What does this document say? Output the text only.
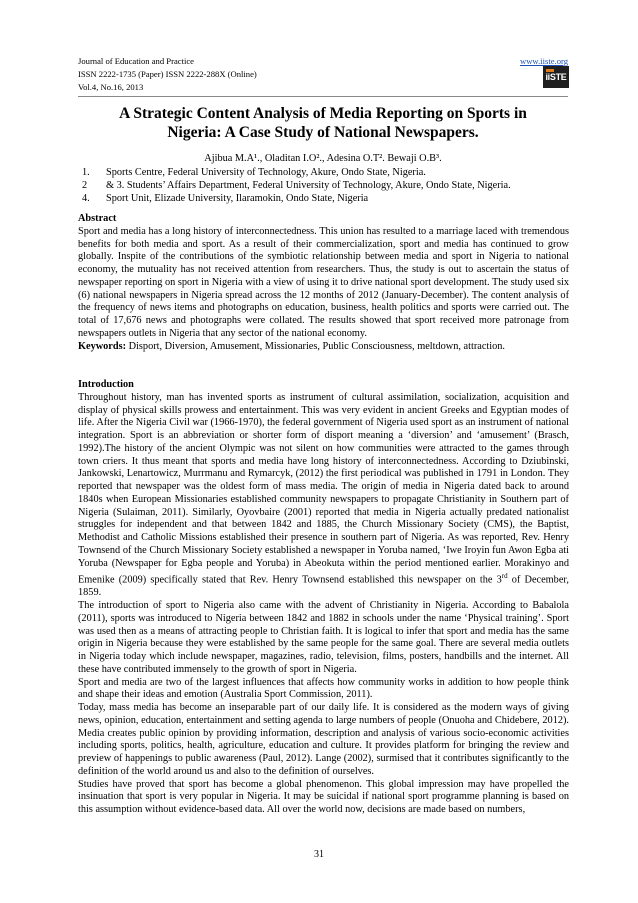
Journal of Education and Practice
ISSN 2222-1735 (Paper) ISSN 2222-288X (Online)
Vol.4, No.16, 2013
www.iiste.org
iiSTE
A Strategic Content Analysis of Media Reporting on Sports in
Nigeria: A Case Study of National Newspapers.
Ajibua M.A¹., Oladitan I.O²., Adesina O.T². Bewaji O.B³.
1. Sports Centre, Federal University of Technology, Akure, Ondo State, Nigeria.
2 & 3. Students’ Affairs Department, Federal University of Technology, Akure, Ondo State, Nigeria.
4. Sport Unit, Elizade University, Ilaramokin, Ondo State, Nigeria
Abstract
Sport and media has a long history of interconnectedness. This union has resulted to a marriage laced with tremendous benefits for both media and sport. As a result of their commercialization, sport and media has continued to grow globally. Inspite of the contributions of the symbiotic relationship between media and sport in Nigeria to national economy, the mutuality has not received attention from researchers. Thus, the study is out to ascertain the status of newspaper reporting on sport in Nigeria with a view of using it to drive national sport development. The study used six (6) national newspapers in Nigeria spread across the 12 months of 2012 (January-December). The content analysis of the frequency of news items and photographs on education, business, health politics and sports were carried out. The total of 17,676 news and photographs were collated. The results showed that sport received more patronage from newspapers outlets in Nigeria that any sector of the national economy.
Keywords: Disport, Diversion, Amusement, Missionaries, Public Consciousness, meltdown, attraction.
Introduction
Throughout history, man has invented sports as instrument of cultural assimilation, socialization, acquisition and display of physical skills prowess and entertainment. This was very evident in ancient Greeks and Egyptian modes of life. After the Nigeria Civil war (1966-1970), the federal government of Nigeria used sport as an instrument of national integration. Sport is an abbreviation or shorter form of disport meaning a ‘diversion’ and ‘amusement’ (Brasch, 1992).The history of the ancient Olympic was not silent on how communities were attracted to the games through town criers. It thus meant that sports and media have long history of interconnectedness. According to Dziubinski, Jankowski, Lenartowicz, Murrmanu and Rymarcyk, (2012) the first periodical was published in 1791 in London. They reported that newspaper was the oldest form of mass media. The origin of media in Nigeria dated back to around 1840s when European Missionaries established community newspapers to propagate Christianity in Southern part of Nigeria (Sulaiman, 2011). Similarly, Oyovbaire (2001) reported that media in Nigeria actually predated nationalist struggles for independent and that between 1842 and 1885, the Church Missionary Society (CMS), the Baptist, Methodist and Catholic Missions established their presence in southern part of Nigeria. As was reported, Rev. Henry Townsend of the Church Missionary Society established a newspaper in Yoruba named, ‘Iwe Iroyin fun Awon Egba ati Yoruba (Newspaper for Egba people and Yoruba) in Abeokuta within the period mentioned earlier. Morakinyo and Emenike (2009) specifically stated that Rev. Henry Townsend established this newspaper on the 3rd of December, 1859.
The introduction of sport to Nigeria also came with the advent of Christianity in Nigeria. According to Babalola (2011), sports was introduced to Nigeria between 1842 and 1882 in schools under the name ‘Physical training’. Sport was used then as a means of attracting people to Christian faith. It is logical to infer that sport and media has the same origin in Nigeria because they were established by the same people for the same goal. There are several media outlets in Nigeria today which include newspaper, magazines, radio, television, films, posters, handbills and the internet. All these have contributed immensely to the growth of sport in Nigeria.
Sport and media are two of the largest influences that affects how community works in addition to how people think and shape their ideas and emotion (Australia Sport Commission, 2011).
Today, mass media has become an inseparable part of our daily life. It is considered as the modern ways of giving news, opinion, education, entertainment and setting agenda to large numbers of people (Onuoha and Chidebere, 2012). Media creates public opinion by providing information, description and analysis of various socio-economic activities including sports, politics, health, agriculture, education and culture. It provides platform for bringing the review and preview of happenings to public awareness (Paul, 2012). Lange (2002), surmised that it contributes significantly to the definition of the world around us and also to the definition of ourselves.
Studies have proved that sport has become a global phenomenon. This global impression may have propelled the insinuation that sport is very popular in Nigeria. It may be suicidal if national sport programme planning is based on this assumption without evidence-based data. All over the world now, decisions are made based on numbers,
31
